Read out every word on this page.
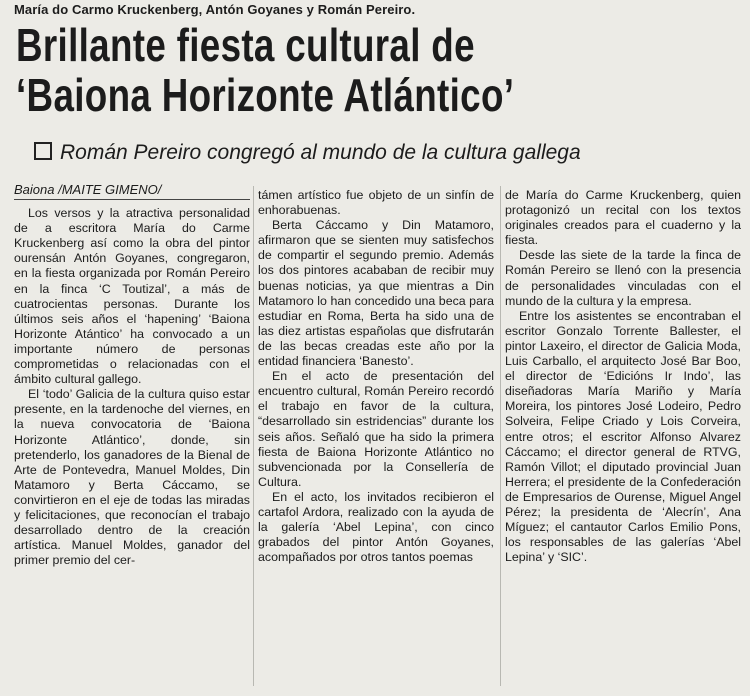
María do Carmo Kruckenberg, Antón Goyanes y Román Pereiro.
Brillante fiesta cultural de
‘Baiona Horizonte Atlántico’
Román Pereiro congregó al mundo de la cultura gallega
Baiona /MAITE GIMENO/

Los versos y la atractiva personalidad de a escritora María do Carme Kruckenberg así como la obra del pintor ourensán Antón Goyanes, congregaron, en la fiesta organizada por Román Pereiro en la finca ‘C Toutizal’, a más de cuatrocientas personas. Durante los últimos seis años el ‘hapening’ ‘Baiona Horizonte Atántico’ ha convocado a un importante número de personas comprometidas o relacionadas con el ámbito cultural gallego.

El ‘todo’ Galicia de la cultura quiso estar presente, en la tardenoche del viernes, en la nueva convocatoria de ‘Baiona Horizonte Atlántico’, donde, sin pretenderlo, los ganadores de la Bienal de Arte de Pontevedra, Manuel Moldes, Din Matamoro y Berta Cáccamo, se convirtieron en el eje de todas las miradas y felicitaciones, que reconocían el trabajo desarrollado dentro de la creación artística. Manuel Moldes, ganador del primer premio del cer-

támen artístico fue objeto de un sinfín de enhorabuenas.

Berta Cáccamo y Din Matamoro, afirmaron que se sienten muy satisfechos de compartir el segundo premio. Además los dos pintores acababan de recibir muy buenas noticias, ya que mientras a Din Matamoro lo han concedido una beca para estudiar en Roma, Berta ha sido una de las diez artistas españolas que disfrutarán de las becas creadas este año por la entidad financiera ‘Banesto’.

En el acto de presentación del encuentro cultural, Román Pereiro recordó el trabajo en favor de la cultura, “desarrollado sin estridencias” durante los seis años. Señaló que ha sido la primera fiesta de Baiona Horizonte Atlántico no subvencionada por la Consellería de Cultura.

En el acto, los invitados recibieron el cartafol Ardora, realizado con la ayuda de la galería ‘Abel Lepina’, con cinco grabados del pintor Antón Goyanes, acompañados por otros tantos poemas

de María do Carme Kruckenberg, quien protagonizó un recital con los textos originales creados para el cuaderno y la fiesta.

Desde las siete de la tarde la finca de Román Pereiro se llenó con la presencia de personalidades vinculadas con el mundo de la cultura y la empresa.

Entre los asistentes se encontraban el escritor Gonzalo Torrente Ballester, el pintor Laxeiro, el director de Galicia Moda, Luis Carballo, el arquitecto José Bar Boo, el director de ‘Edicións Ir Indo’, las diseñadoras María Mariño y María Moreira, los pintores José Lodeiro, Pedro Solveira, Felipe Criado y Lois Corveira, entre otros; el escritor Alfonso Alvarez Cáccamo; el director general de RTVG, Ramón Villot; el diputado provincial Juan Herrera; el presidente de la Confederación de Empresarios de Ourense, Miguel Angel Pérez; la presidenta de ‘Alecrín’, Ana Míguez; el cantautor Carlos Emilio Pons, los responsables de las galerías ‘Abel Lepina’ y ‘SIC’.
